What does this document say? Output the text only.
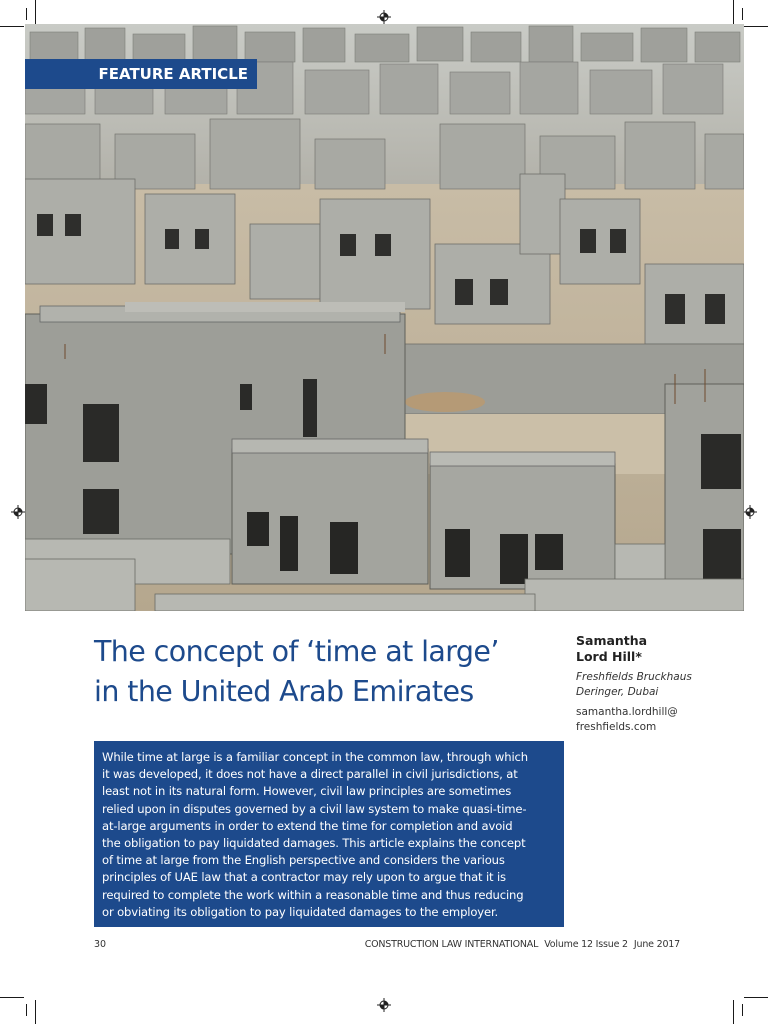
FEATURE ARTICLE
The concept of ‘time at large’
in the United Arab Emirates
Samantha
Lord Hill*
Freshfields Bruckhaus
Deringer, Dubai
samantha.lordhill@
freshfields.com

While time at large is a familiar concept in the common law, through which
it was developed, it does not have a direct parallel in civil jurisdictions, at
least not in its natural form. However, civil law principles are sometimes
relied upon in disputes governed by a civil law system to make quasi-time-
at-large arguments in order to extend the time for completion and avoid
the obligation to pay liquidated damages. This article explains the concept
of time at large from the English perspective and considers the various
principles of UAE law that a contractor may rely upon to argue that it is
required to complete the work within a reasonable time and thus reducing
or obviating its obligation to pay liquidated damages to the employer.

30	CONSTRUCTION LAW INTERNATIONAL Volume 12 Issue 2 June 2017
